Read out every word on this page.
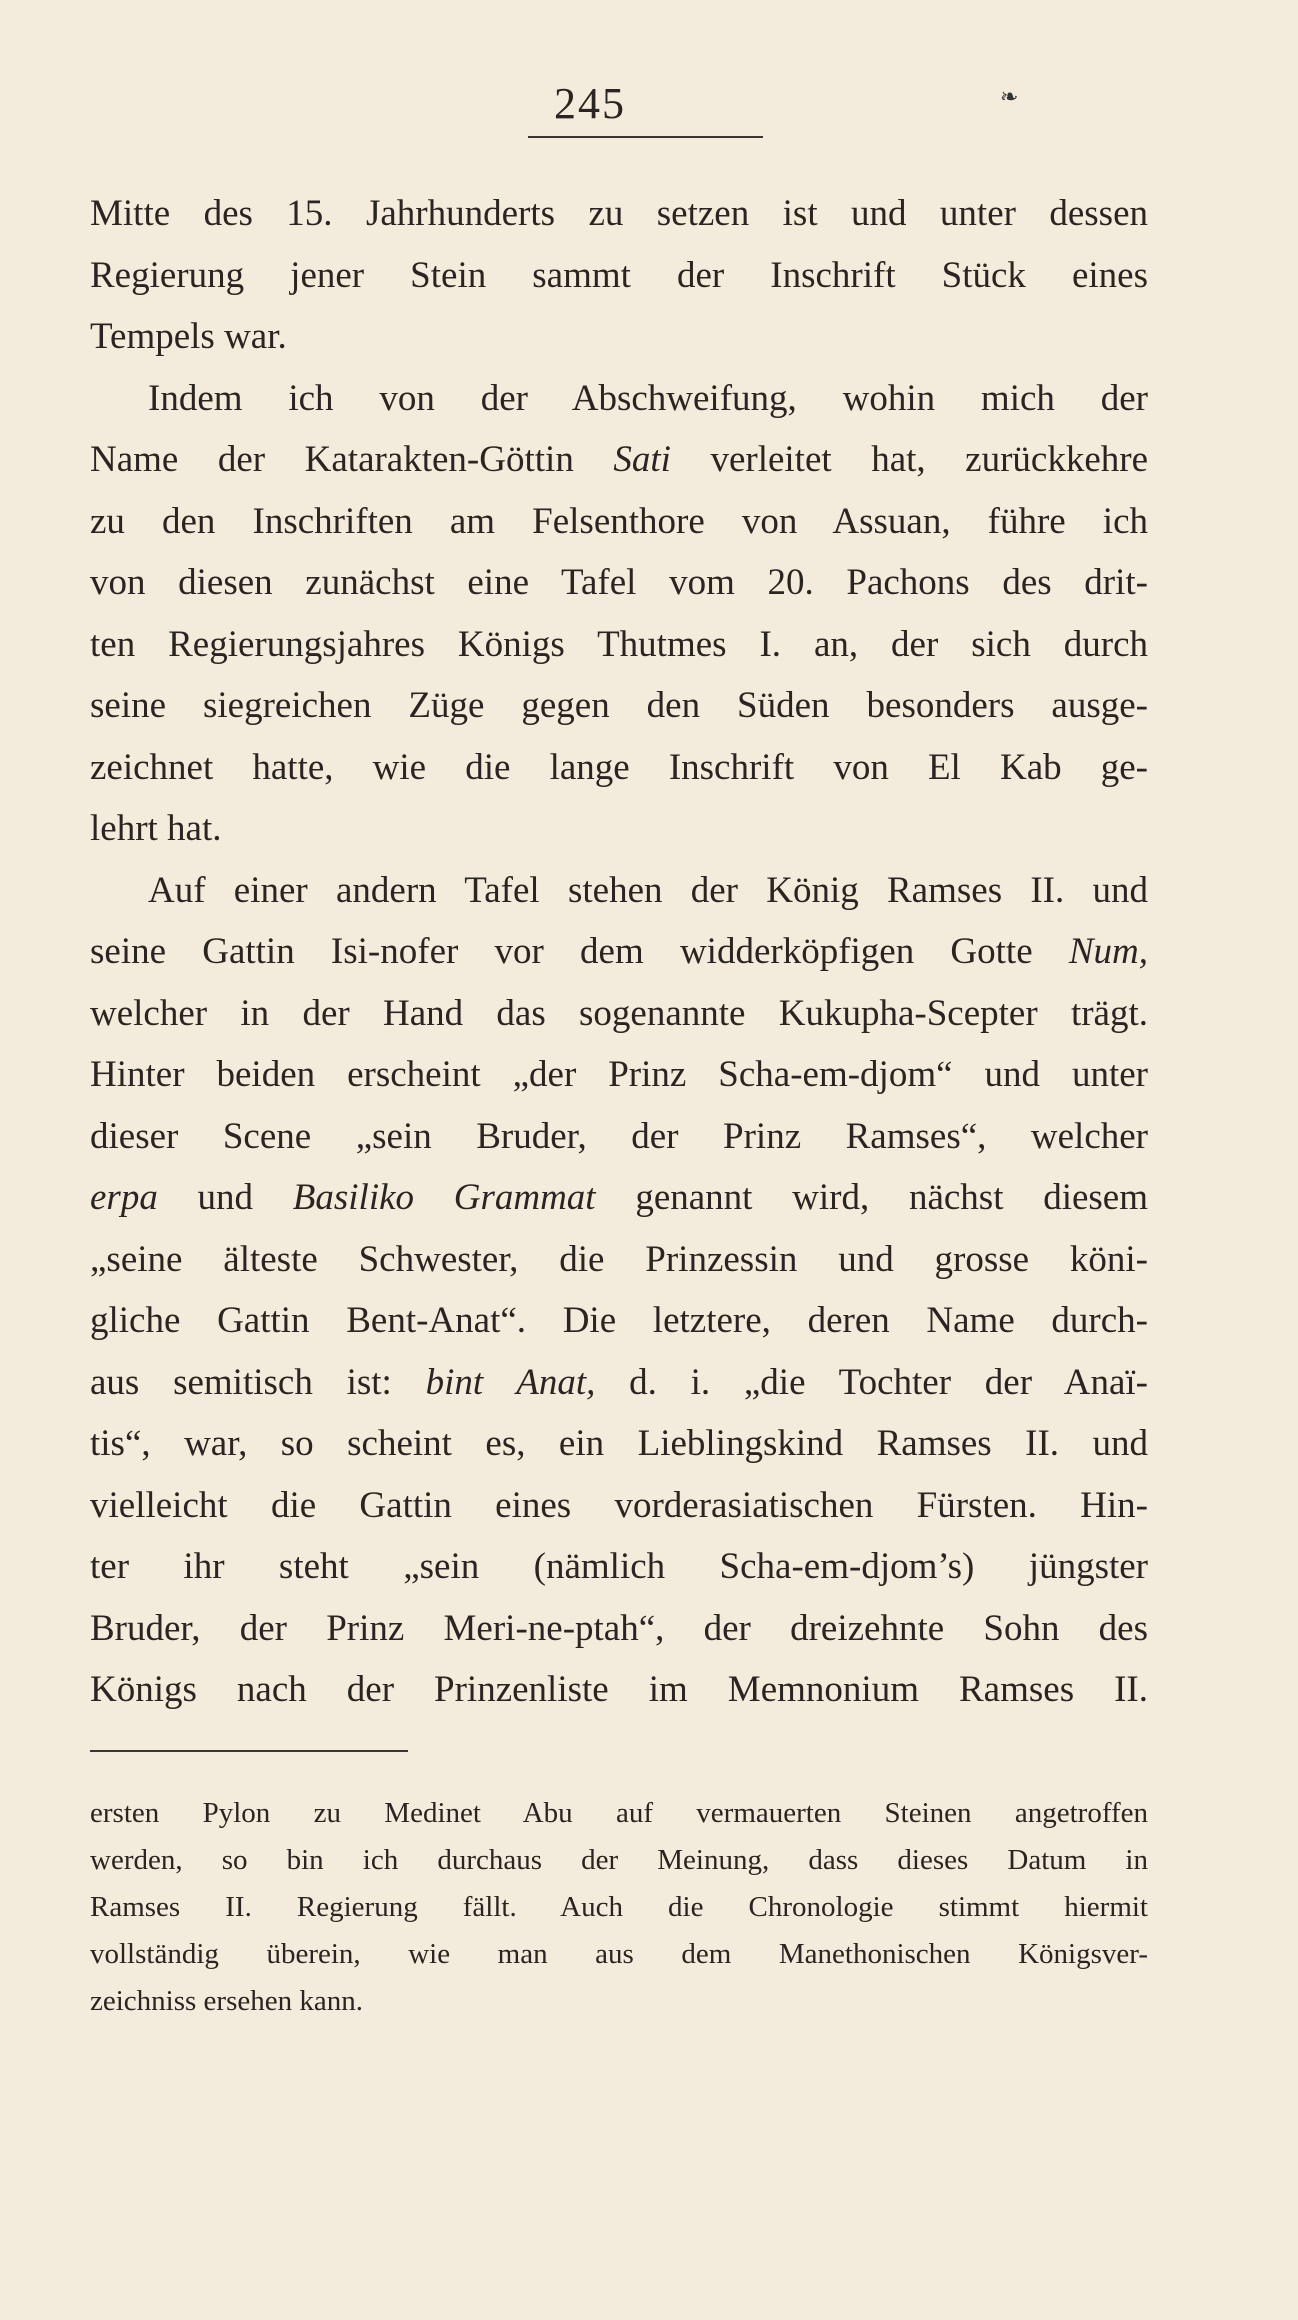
245	❧
Mitte des 15. Jahrhunderts zu setzen ist und unter dessen
Regierung jener Stein sammt der Inschrift Stück eines
Tempels war.
Indem ich von der Abschweifung, wohin mich der
Name der Katarakten-Göttin Sati verleitet hat, zurückkehre
zu den Inschriften am Felsenthore von Assuan, führe ich
von diesen zunächst eine Tafel vom 20. Pachons des drit-
ten Regierungsjahres Königs Thutmes I. an, der sich durch
seine siegreichen Züge gegen den Süden besonders ausge-
zeichnet hatte, wie die lange Inschrift von El Kab ge-
lehrt hat.
Auf einer andern Tafel stehen der König Ramses II. und
seine Gattin Isi-nofer vor dem widderköpfigen Gotte Num,
welcher in der Hand das sogenannte Kukupha-Scepter trägt.
Hinter beiden erscheint „der Prinz Scha-em-djom“ und unter
dieser Scene „sein Bruder, der Prinz Ramses“, welcher
erpa und Basiliko Grammat genannt wird, nächst diesem
„seine älteste Schwester, die Prinzessin und grosse köni-
gliche Gattin Bent-Anat“. Die letztere, deren Name durch-
aus semitisch ist: bint Anat, d. i. „die Tochter der Anaï-
tis“, war, so scheint es, ein Lieblingskind Ramses II. und
vielleicht die Gattin eines vorderasiatischen Fürsten. Hin-
ter ihr steht „sein (nämlich Scha-em-djom’s) jüngster
Bruder, der Prinz Meri-ne-ptah“, der dreizehnte Sohn des
Königs nach der Prinzenliste im Memnonium Ramses II.
ersten Pylon zu Medinet Abu auf vermauerten Steinen angetroffen
werden, so bin ich durchaus der Meinung, dass dieses Datum in
Ramses II. Regierung fällt. Auch die Chronologie stimmt hiermit
vollständig überein, wie man aus dem Manethonischen Königsver-
zeichniss ersehen kann.
